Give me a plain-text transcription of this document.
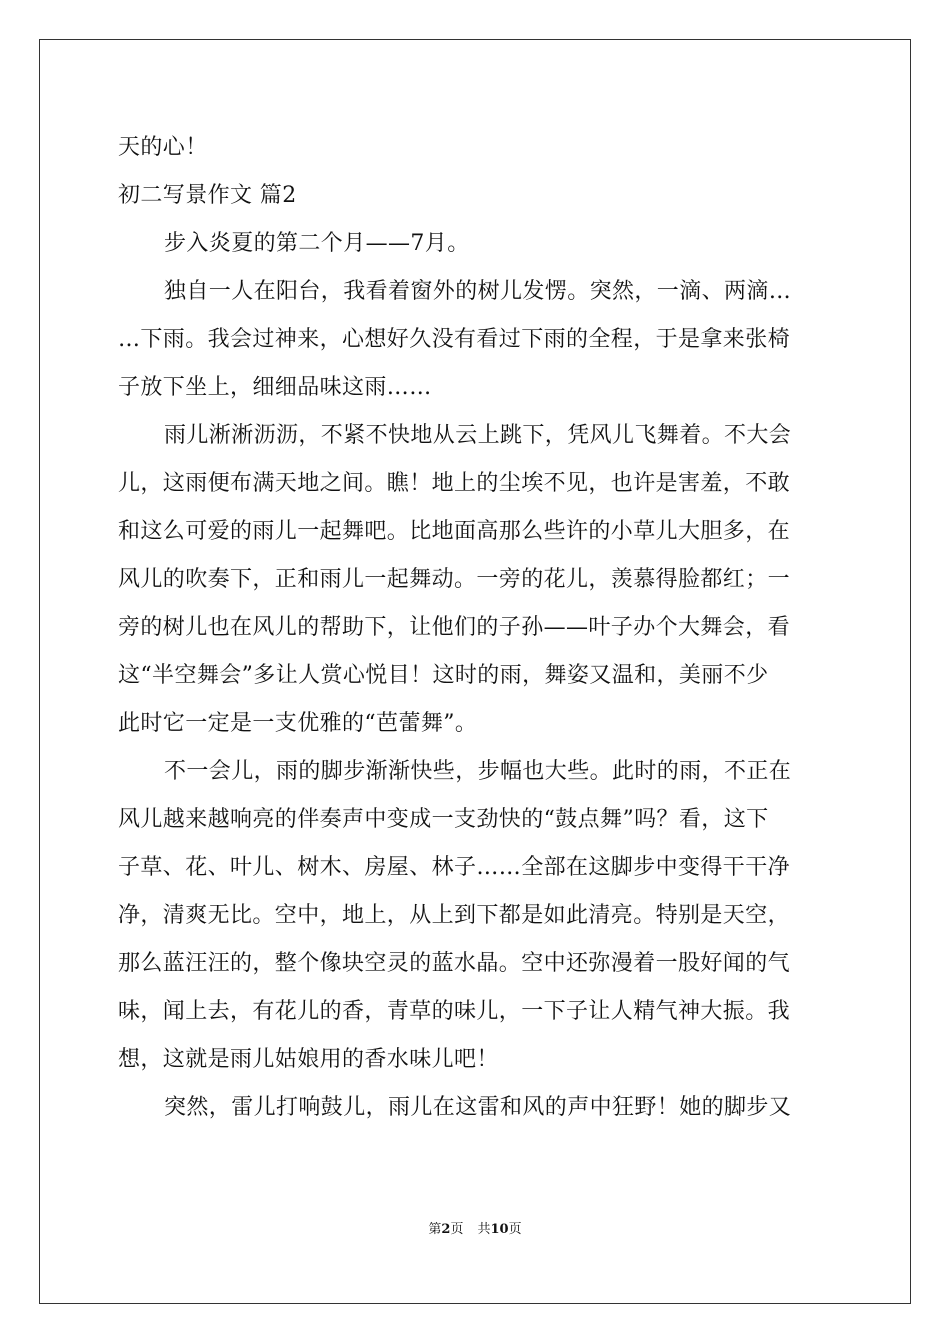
天的心！
初二写景作文 篇2
步入炎夏的第二个月——7月。
独自一人在阳台，我看着窗外的树儿发愣。突然，一滴、两滴…
…下雨。我会过神来，心想好久没有看过下雨的全程，于是拿来张椅
子放下坐上，细细品味这雨……
雨儿淅淅沥沥，不紧不快地从云上跳下，凭风儿飞舞着。不大会
儿，这雨便布满天地之间。瞧！地上的尘埃不见，也许是害羞，不敢
和这么可爱的雨儿一起舞吧。比地面高那么些许的小草儿大胆多，在
风儿的吹奏下，正和雨儿一起舞动。一旁的花儿，羡慕得脸都红；一
旁的树儿也在风儿的帮助下，让他们的子孙——叶子办个大舞会，看
这“半空舞会”多让人赏心悦目！这时的雨，舞姿又温和，美丽不少
此时它一定是一支优雅的“芭蕾舞”。
不一会儿，雨的脚步渐渐快些，步幅也大些。此时的雨，不正在
风儿越来越响亮的伴奏声中变成一支劲快的“鼓点舞”吗？看，这下
子草、花、叶儿、树木、房屋、林子……全部在这脚步中变得干干净
净，清爽无比。空中，地上，从上到下都是如此清亮。特别是天空，
那么蓝汪汪的，整个像块空灵的蓝水晶。空中还弥漫着一股好闻的气
味，闻上去，有花儿的香，青草的味儿，一下子让人精气神大振。我
想，这就是雨儿姑娘用的香水味儿吧！
突然，雷儿打响鼓儿，雨儿在这雷和风的声中狂野！她的脚步又
第2页 共10页
